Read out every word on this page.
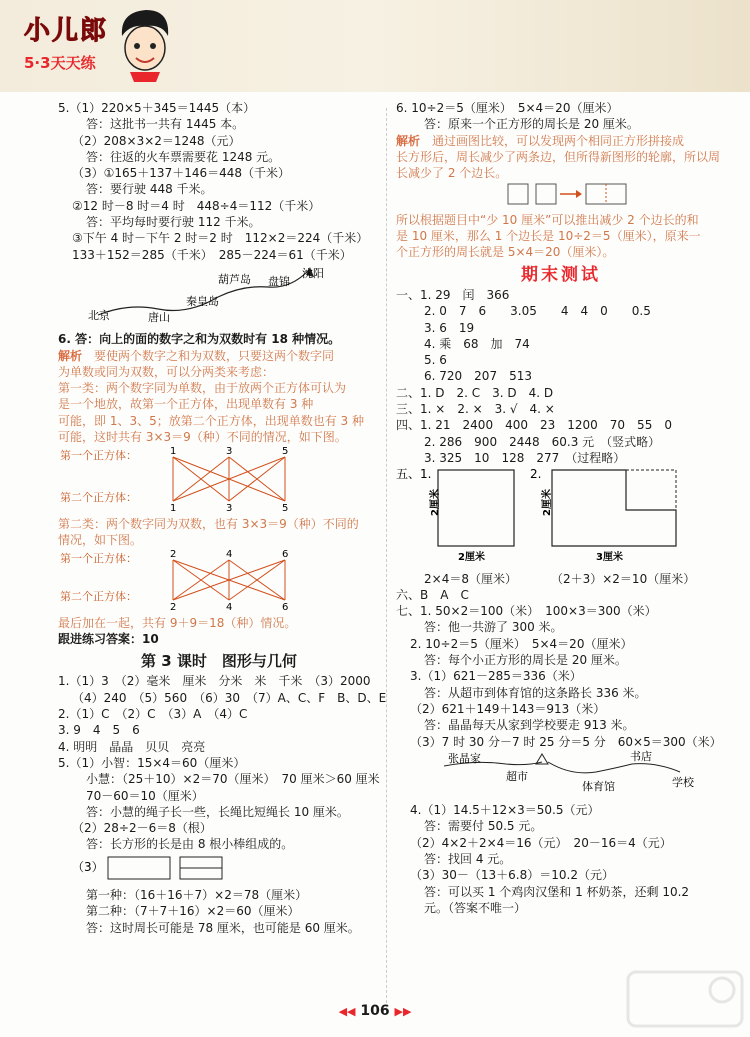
小儿郎
5·3天天练
5.（1）220×5＋345＝1445（本）
答：这批书一共有 1445 本。
（2）208×3×2＝1248（元）
答：往返的火车票需要花 1248 元。
（3）①165＋137＋146＝448（千米）
答：要行驶 448 千米。
②12 时－8 时＝4 时　448÷4＝112（千米）
答：平均每时要行驶 112 千米。
③下午 4 时－下午 2 时＝2 时　112×2＝224（千米）
133＋152＝285（千米）　285－224＝61（千米）
北京	唐山
秦皇岛
葫芦岛 盘锦
沈阳
6. 答：向上的面的数字之和为双数时有 18 种情况。
解析　 要使两个数字之和为双数，只要这两个数字同
为单数或同为双数，可以分两类来考虑：
第一类：两个数字同为单数，由于放两个正方体可认为
是一个地放，故第一个正方体，出现单数有 3 种
可能，即 1、3、5；放第二个正方体，出现单数也有 3 种
可能，这时共有 3×3＝9（种）不同的情况，如下图。
第一个正方体：
第二个正方体：
1	3	5
1	3	5
第二类：两个数字同为双数，也有 3×3＝9（种）不同的
情况，如下图。
第一个正方体：
第二个正方体：
2	4	6
2	4	6
最后加在一起，共有 9＋9＝18（种）情况。
跟进练习答案：10
第 3 课时　图形与几何
1.（1）3　（2）毫米　厘米　分米　米　千米　（3）2000
（4）240　（5）560　（6）30　（7）A、C、F　B、D、E
2.（1）C　（2）C　（3）A　（4）C
3. 9　4　5　6
4. 明明　晶晶　贝贝　亮亮
5.（1）小智：15×4＝60（厘米）
小慧：（25＋10）×2＝70（厘米）　70 厘米＞60 厘米
70－60＝10（厘米）
答：小慧的绳子长一些，长绳比短绳长 10 厘米。
（2）28÷2－6＝8（根）
答：长方形的长是由 8 根小棒组成的。
（3）
第一种：（16＋16＋7）×2＝78（厘米）
第二种：（7＋7＋16）×2＝60（厘米）
答：这时周长可能是 78 厘米，也可能是 60 厘米。
6. 10÷2＝5（厘米）　5×4＝20（厘米）
答：原来一个正方形的周长是 20 厘米。
解析　 通过画图比较，可以发现两个相同正方形拼接成
长方形后，周长减少了两条边，但所得新图形的轮廓，所以周
长减少了 2 个边长。
所以根据题目中“少 10 厘米”可以推出减少 2 个边长的和
是 10 厘米，那么 1 个边长是 10÷2＝5（厘米），原来一
个正方形的周长就是 5×4＝20（厘米）。
期末测试
一、1. 29　闰　366
2. 0　7　6　　3.05　　4　4　0　　0.5
3. 6　19
4. 乘　68　加　74
5. 6
6. 720　207　513
二、1. D　2. C　3. D　4. D
三、1. ×　2. ×　3. √　4. ×
四、1. 21　2400　400　23　1200　70　55　0
2. 286　900　2448　60.3 元　（竖式略）
3. 325　10　128　277　（过程略）
五、1.
2厘米
2厘米
2.
2厘米
3厘米
2×4＝8（厘米）	（2＋3）×2＝10（厘米）
六、B　A　C
七、1. 50×2＝100（米）　100×3＝300（米）
答：他一共游了 300 米。
2. 10÷2＝5（厘米）　5×4＝20（厘米）
答：每个小正方形的周长是 20 厘米。
3.（1）621－285＝336（米）
答：从超市到体育馆的这条路长 336 米。
（2）621＋149＋143＝913（米）
答：晶晶每天从家到学校要走 913 米。
（3）7 时 30 分－7 时 25 分＝5 分　60×5＝300（米）
张晶家
超市
体育馆
书店
学校
4.（1）14.5＋12×3＝50.5（元）
答：需要付 50.5 元。
（2）4×2＋2×4＝16（元）　20－16＝4（元）
答：找回 4 元。
（3）30－（13＋6.8）＝10.2（元）
答：可以买 1 个鸡肉汉堡和 1 杯奶茶，还剩 10.2
元。（答案不唯一）
◀◀ 106 ▶▶
